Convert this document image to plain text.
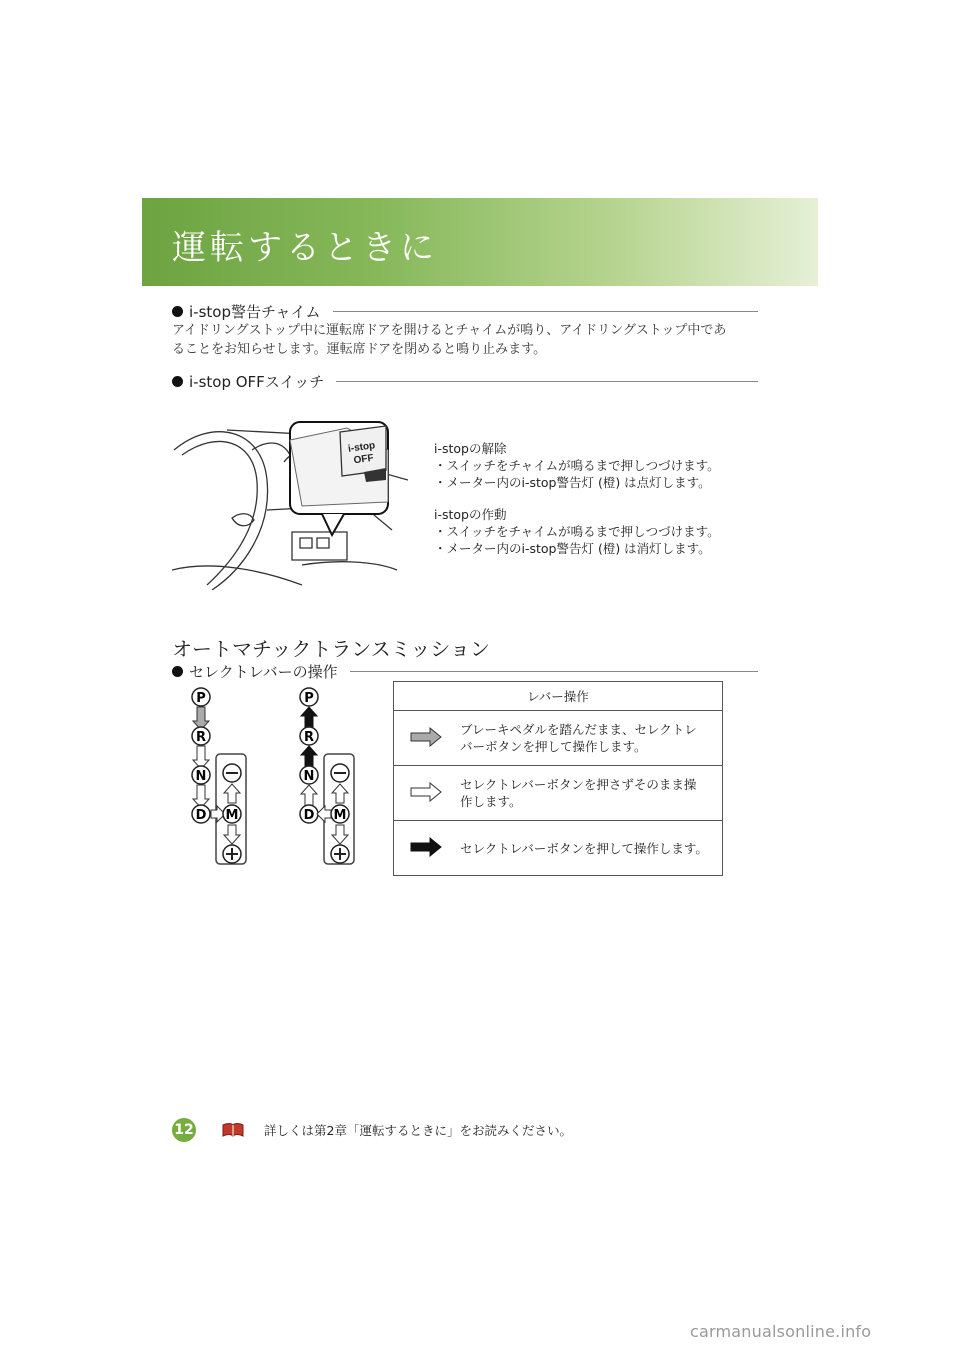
運転するときに
i-stop警告チャイム
アイドリングストップ中に運転席ドアを開けるとチャイムが鳴り、アイドリングストップ中であ
ることをお知らせします。運転席ドアを閉めると鳴り止みます。
i-stop OFFスイッチ
i-stop
OFF
i-stopの解除
・スイッチをチャイムが鳴るまで押しつづけます。
・メーター内のi-stop警告灯 (橙) は点灯します。
i-stopの作動
・スイッチをチャイムが鳴るまで押しつづけます。
・メーター内のi-stop警告灯 (橙) は消灯します。
オートマチックトランスミッション
セレクトレバーの操作
P
R
N
D M
P
R
N
D M
レバー操作	

ブレーキペダルを踏んだまま、セレクトレ
バーボタンを押して操作します。

セレクトレバーボタンを押さずそのまま操
作します。

セレクトレバーボタンを押して操作します。
12	詳しくは第2章「運転するときに」をお読みください。
carmanualsonline.info
